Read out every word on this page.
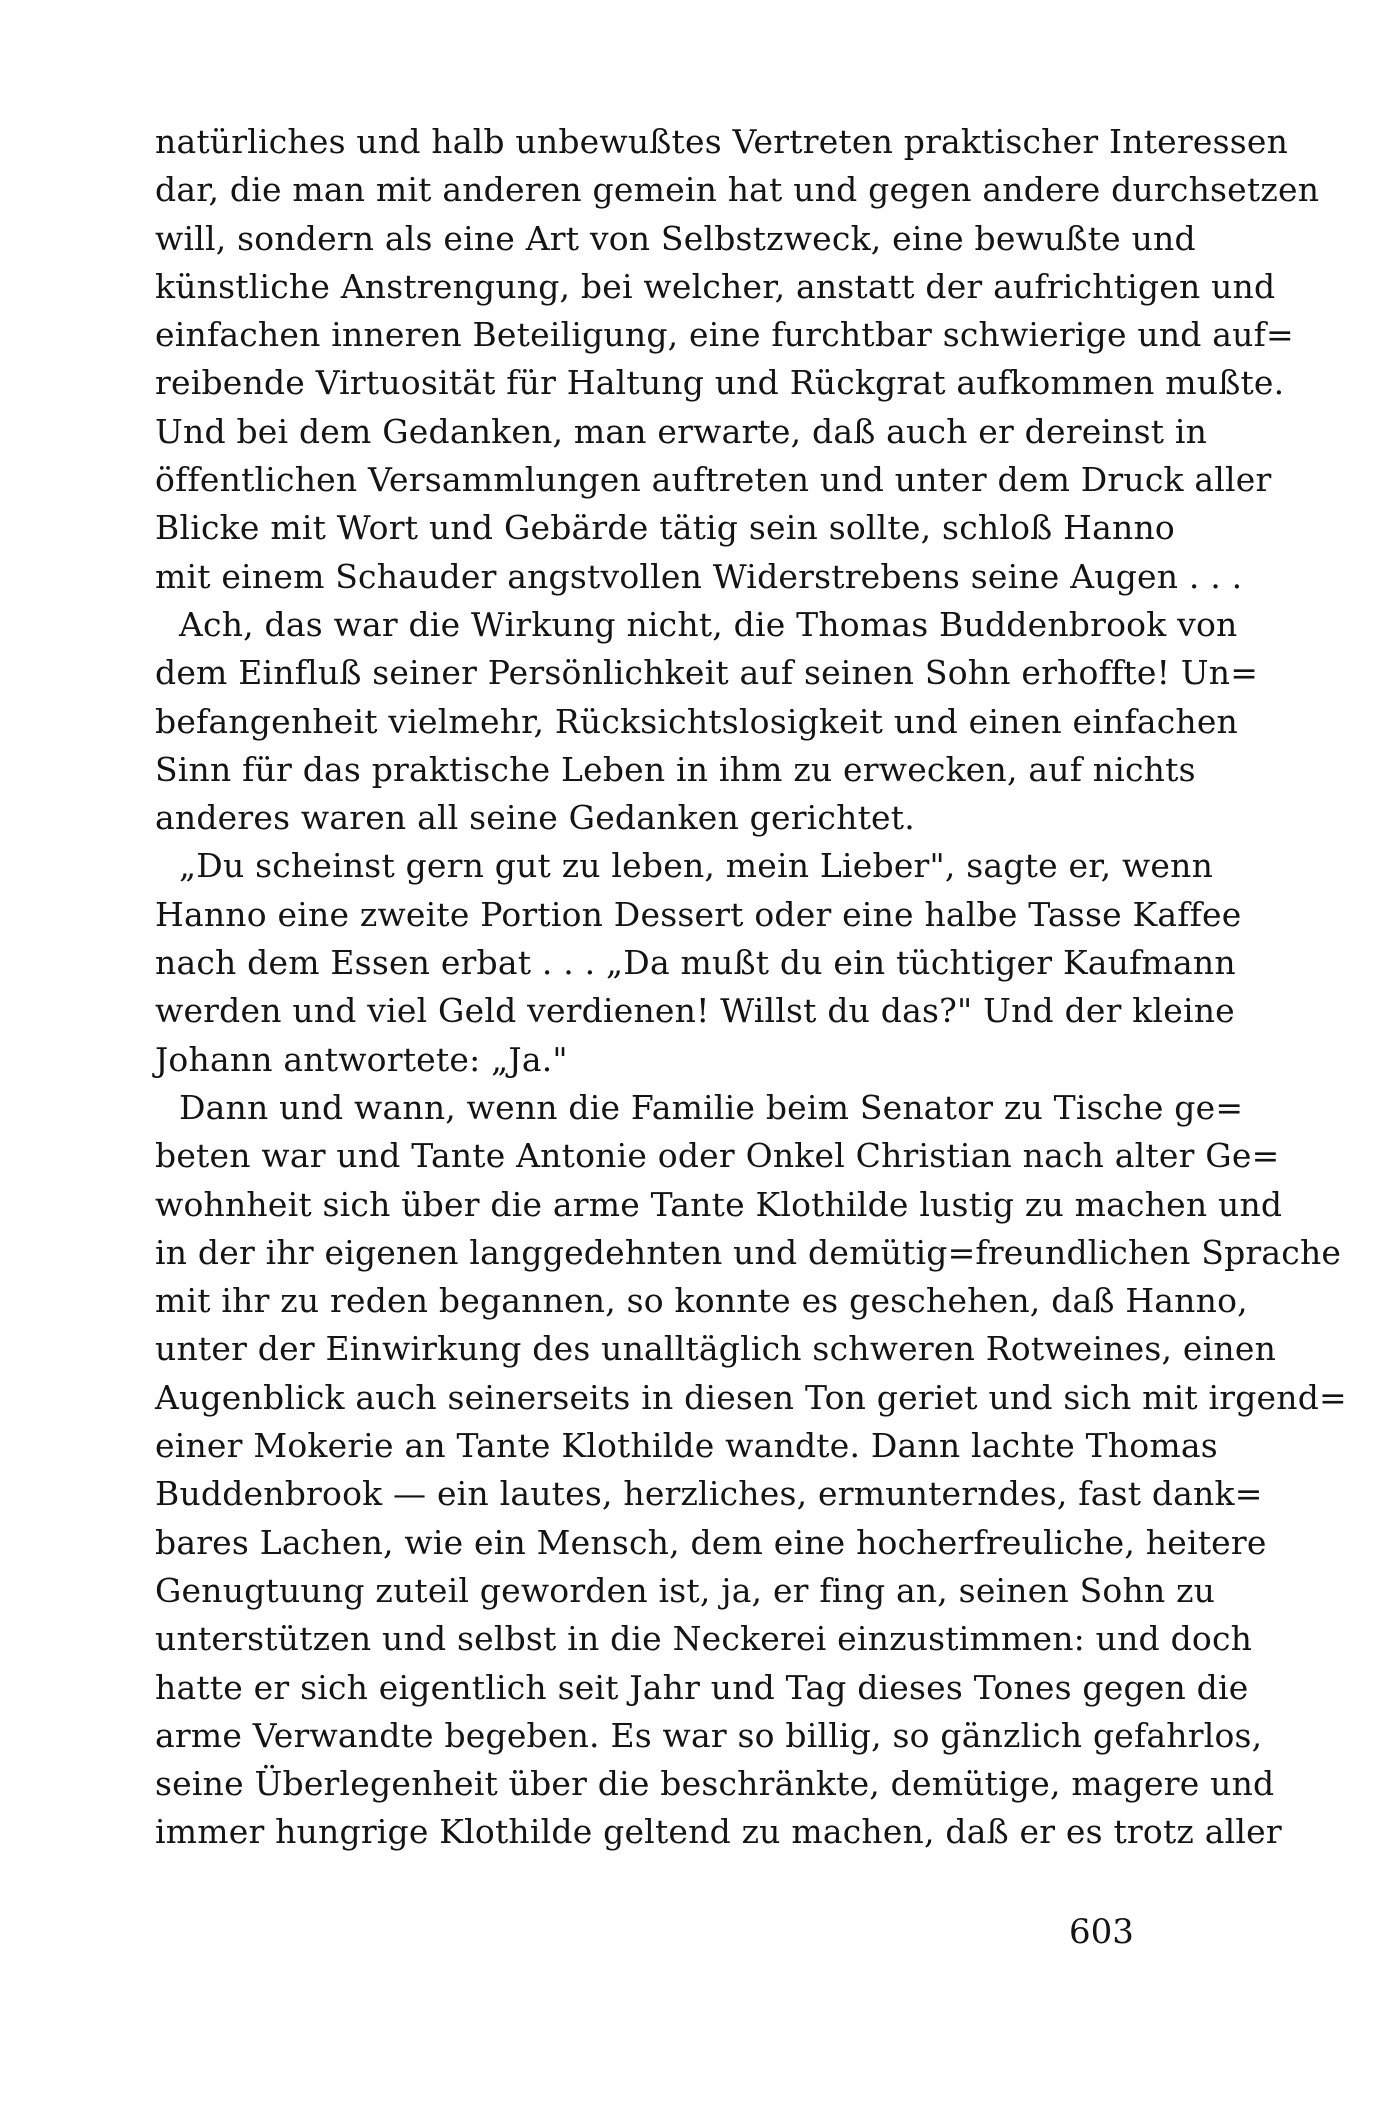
natürliches und halb unbewußtes Vertreten praktischer Interessen
dar, die man mit anderen gemein hat und gegen andere durchsetzen
will, sondern als eine Art von Selbstzweck, eine bewußte und
künstliche Anstrengung, bei welcher, anstatt der aufrichtigen und
einfachen inneren Beteiligung, eine furchtbar schwierige und auf=
reibende Virtuosität für Haltung und Rückgrat aufkommen mußte.
Und bei dem Gedanken, man erwarte, daß auch er dereinst in
öffentlichen Versammlungen auftreten und unter dem Druck aller
Blicke mit Wort und Gebärde tätig sein sollte, schloß Hanno
mit einem Schauder angstvollen Widerstrebens seine Augen . . .
Ach, das war die Wirkung nicht, die Thomas Buddenbrook von
dem Einfluß seiner Persönlichkeit auf seinen Sohn erhoffte! Un=
befangenheit vielmehr, Rücksichtslosigkeit und einen einfachen
Sinn für das praktische Leben in ihm zu erwecken, auf nichts
anderes waren all seine Gedanken gerichtet.
„Du scheinst gern gut zu leben, mein Lieber", sagte er, wenn
Hanno eine zweite Portion Dessert oder eine halbe Tasse Kaffee
nach dem Essen erbat . . . „Da mußt du ein tüchtiger Kaufmann
werden und viel Geld verdienen! Willst du das?" Und der kleine
Johann antwortete: „Ja."
Dann und wann, wenn die Familie beim Senator zu Tische ge=
beten war und Tante Antonie oder Onkel Christian nach alter Ge=
wohnheit sich über die arme Tante Klothilde lustig zu machen und
in der ihr eigenen langgedehnten und demütig=freundlichen Sprache
mit ihr zu reden begannen, so konnte es geschehen, daß Hanno,
unter der Einwirkung des unalltäglich schweren Rotweines, einen
Augenblick auch seinerseits in diesen Ton geriet und sich mit irgend=
einer Mokerie an Tante Klothilde wandte. Dann lachte Thomas
Buddenbrook — ein lautes, herzliches, ermunterndes, fast dank=
bares Lachen, wie ein Mensch, dem eine hocherfreuliche, heitere
Genugtuung zuteil geworden ist, ja, er fing an, seinen Sohn zu
unterstützen und selbst in die Neckerei einzustimmen: und doch
hatte er sich eigentlich seit Jahr und Tag dieses Tones gegen die
arme Verwandte begeben. Es war so billig, so gänzlich gefahrlos,
seine Überlegenheit über die beschränkte, demütige, magere und
immer hungrige Klothilde geltend zu machen, daß er es trotz aller
603
